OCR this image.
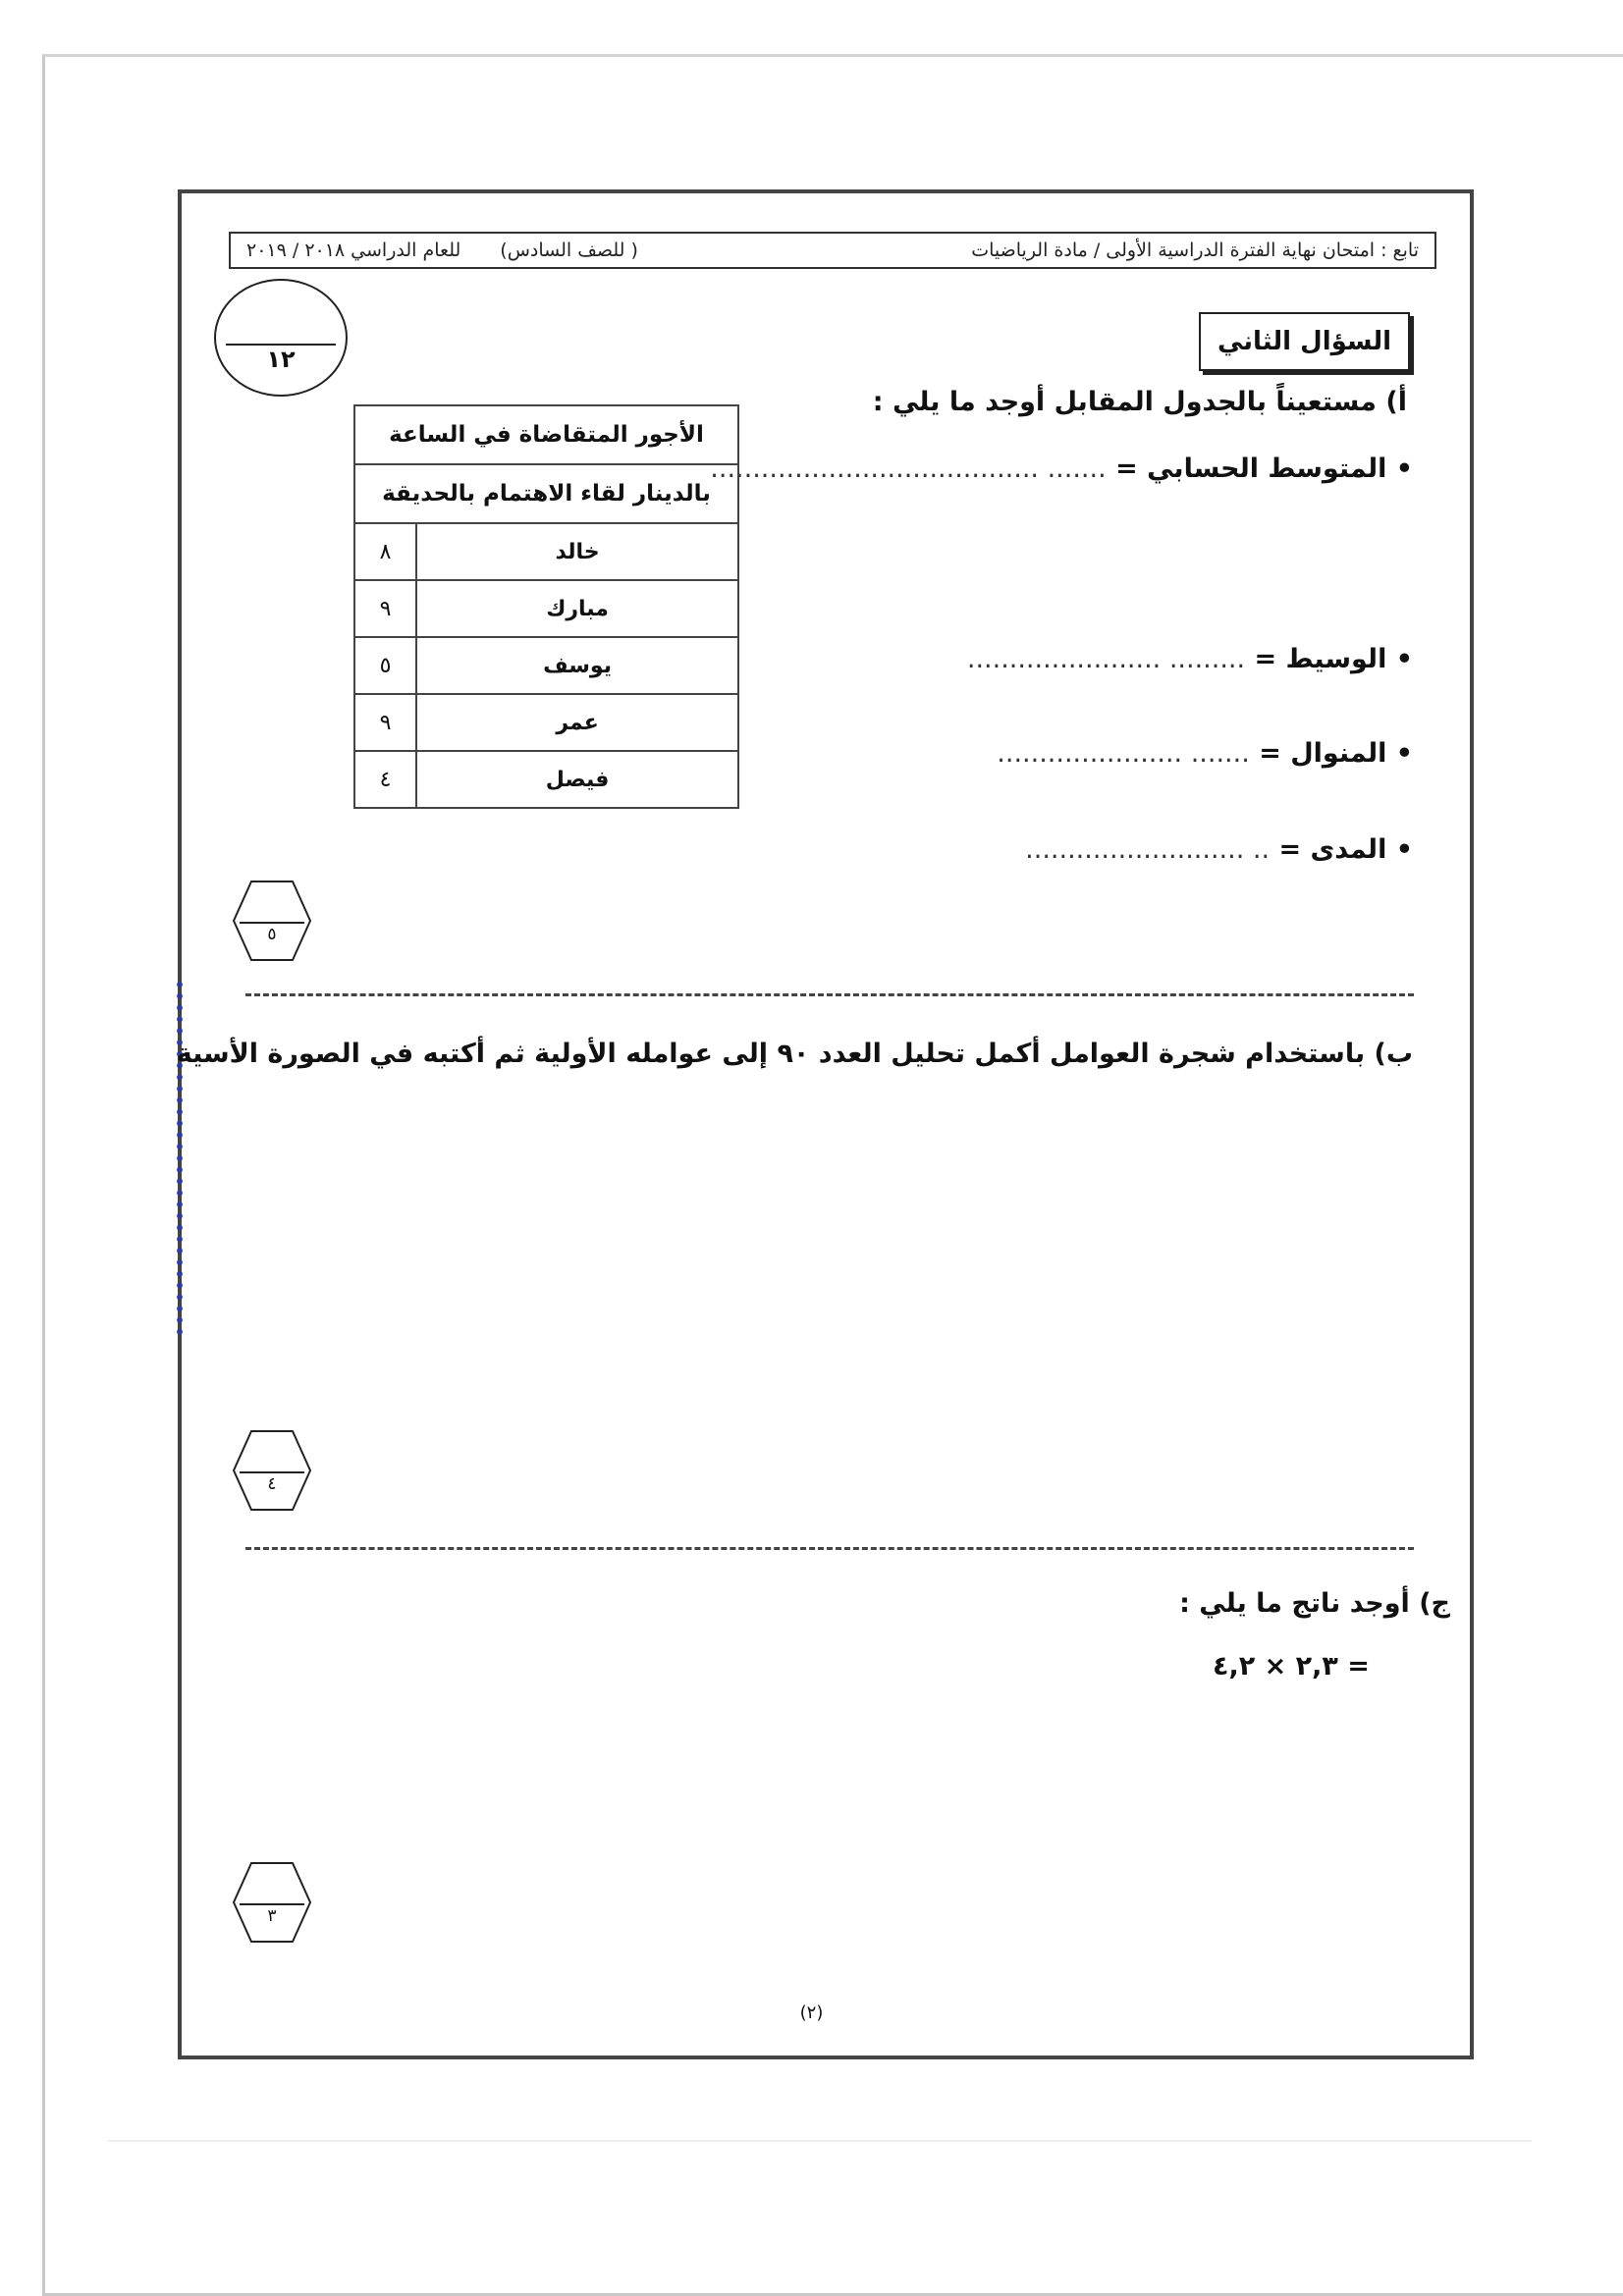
تابع : امتحان نهاية الفترة الدراسية الأولى / مادة الرياضيات
( للصف السادس)
للعام الدراسي ٢٠١٨ / ٢٠١٩
١٢
السؤال الثاني
أ) مستعيناً بالجدول المقابل أوجد ما يلي :
• المتوسط الحسابي = ....... .......................................
• الوسيط = ......... .......................
• المنوال = ....... ......................
• المدى = .. ..........................
الأجور المتقاضاة في الساعة	
بالدينار لقاء الاهتمام بالحديقة	
خالد	٨
مبارك	٩
يوسف	٥
عمر	٩
فيصل	٤
٥
ب) باستخدام شجرة العوامل أكمل تحليل العدد ٩٠ إلى عوامله الأولية ثم أكتبه في الصورة الأسية
٤
ج) أوجد ناتج ما يلي :
٢,٣ × ٤,٢ =
٣
(٢)
